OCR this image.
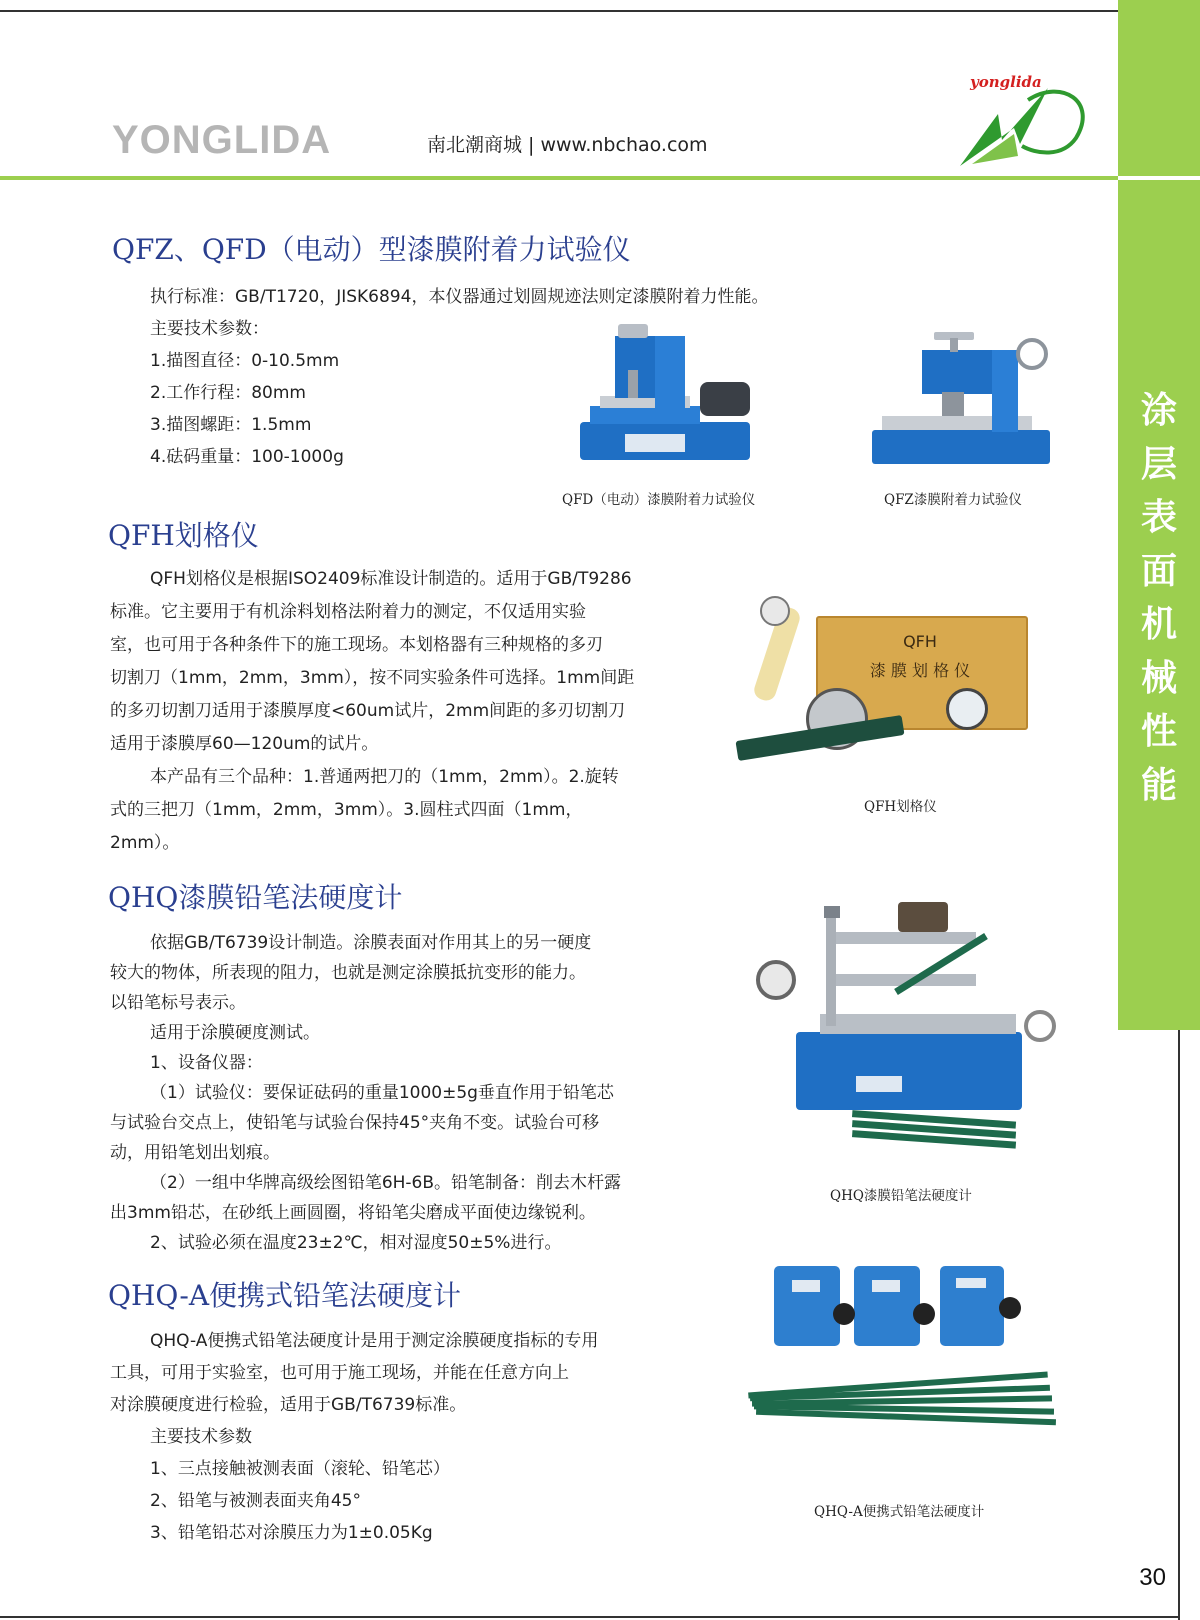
涂
层
表
面
机
械
性
能
YONGLIDA	南北潮商城 | www.nbchao.com
yonglida
QFZ、QFD（电动）型漆膜附着力试验仪
执行标准：GB/T1720，JISK6894，本仪器通过划圆规迹法则定漆膜附着力性能。
主要技术参数：
1.描图直径：0-10.5mm
2.工作行程：80mm
3.描图螺距：1.5mm
4.砝码重量：100-1000g
QFD（电动）漆膜附着力试验仪	QFZ漆膜附着力试验仪
QFH划格仪
QFH划格仪是根据ISO2409标准设计制造的。适用于GB/T9286
标准。它主要用于有机涂料划格法附着力的测定，不仅适用实验
室，也可用于各种条件下的施工现场。本划格器有三种规格的多刃
切割刀（1mm，2mm，3mm），按不同实验条件可选择。1mm间距
的多刃切割刀适用于漆膜厚度<60um试片，2mm间距的多刃切割刀
适用于漆膜厚60—120um的试片。
本产品有三个品种：1.普通两把刀的（1mm，2mm）。2.旋转
式的三把刀（1mm，2mm，3mm）。3.圆柱式四面（1mm，
2mm）。
QFH
漆 膜 划 格 仪
QFH划格仪
QHQ漆膜铅笔法硬度计
依据GB/T6739设计制造。涂膜表面对作用其上的另一硬度
较大的物体，所表现的阻力，也就是测定涂膜抵抗变形的能力。
以铅笔标号表示。
适用于涂膜硬度测试。
1、设备仪器：
（1）试验仪：要保证砝码的重量1000±5g垂直作用于铅笔芯
与试验台交点上，使铅笔与试验台保持45°夹角不变。试验台可移
动，用铅笔划出划痕。
（2）一组中华牌高级绘图铅笔6H-6B。铅笔制备：削去木杆露
出3mm铅芯，在砂纸上画圆圈，将铅笔尖磨成平面使边缘锐利。
2、试验必须在温度23±2℃，相对湿度50±5%进行。
QHQ漆膜铅笔法硬度计
QHQ-A便携式铅笔法硬度计
QHQ-A便携式铅笔法硬度计是用于测定涂膜硬度指标的专用
工具，可用于实验室，也可用于施工现场，并能在任意方向上
对涂膜硬度进行检验，适用于GB/T6739标准。
主要技术参数
1、三点接触被测表面（滚轮、铅笔芯）
2、铅笔与被测表面夹角45°
3、铅笔铅芯对涂膜压力为1±0.05Kg
QHQ-A便携式铅笔法硬度计
30
